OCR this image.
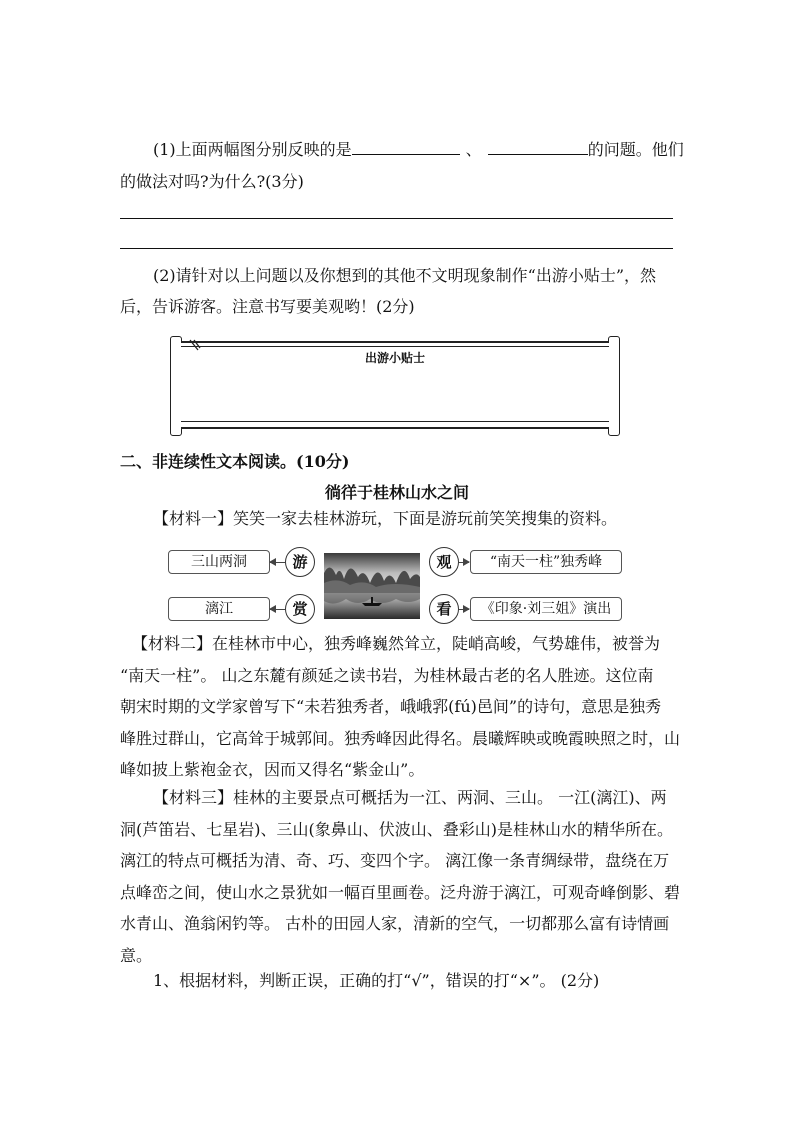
(1)上面两幅图分别反映的是	、	的问题。他们
的做法对吗?为什么?(3分)
(2)请针对以上问题以及你想到的其他不文明现象制作“出游小贴士”，然
后，告诉游客。注意书写要美观哟！(2分)
出游小贴士
二、非连续性文本阅读。(10分)
徜徉于桂林山水之间
【材料一】笑笑一家去桂林游玩，下面是游玩前笑笑搜集的资料。
三山两洞
漓江
“南天一柱”独秀峰
《印象·刘三姐》演出
游
赏
观
看
【材料二】在桂林市中心，独秀峰巍然耸立，陡峭高峻，气势雄伟，被誉为
“南天一柱”。 山之东麓有颜延之读书岩，为桂林最古老的名人胜迹。这位南
朝宋时期的文学家曾写下“未若独秀者，峨峨郛(fú)邑间”的诗句，意思是独秀
峰胜过群山，它高耸于城郭间。独秀峰因此得名。晨曦辉映或晚霞映照之时，山
峰如披上紫袍金衣，因而又得名“紫金山”。
【材料三】桂林的主要景点可概括为一江、两洞、三山。 一江(漓江)、两
洞(芦笛岩、七星岩)、三山(象鼻山、伏波山、叠彩山)是桂林山水的精华所在。
漓江的特点可概括为清、奇、巧、变四个字。 漓江像一条青绸绿带，盘绕在万
点峰峦之间，使山水之景犹如一幅百里画卷。泛舟游于漓江，可观奇峰倒影、碧
水青山、渔翁闲钓等。 古朴的田园人家，清新的空气，一切都那么富有诗情画
意。
1、根据材料，判断正误，正确的打“√”，错误的打“×”。 (2分)
